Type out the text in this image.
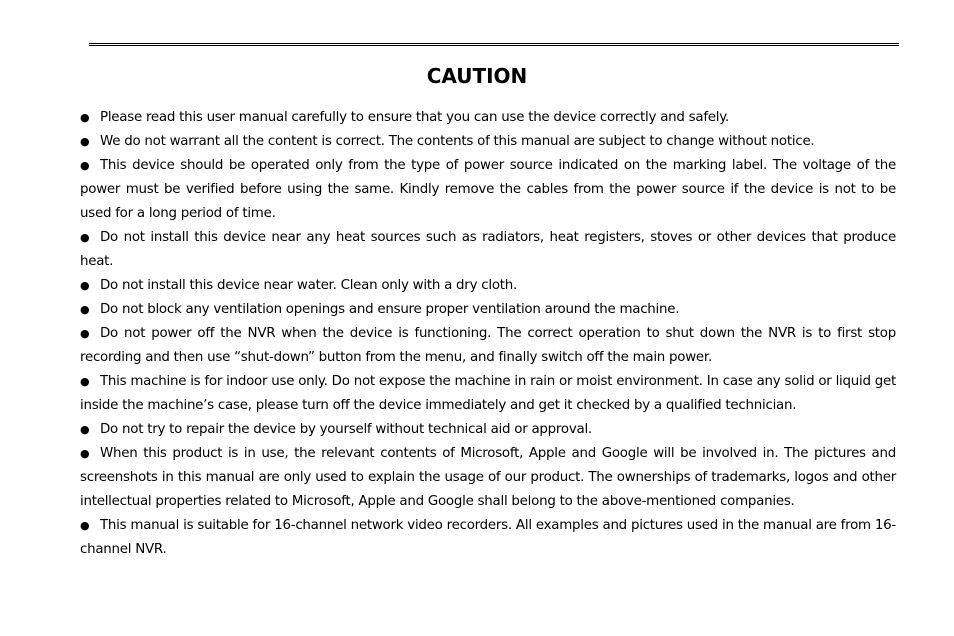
CAUTION

●Please read this user manual carefully to ensure that you can use the device correctly and safely.

●We do not warrant all the content is correct. The contents of this manual are subject to change without notice.

●This device should be operated only from the type of power source indicated on the marking label. The voltage of the power must be verified before using the same. Kindly remove the cables from the power source if the device is not to be used for a long period of time.

●Do not install this device near any heat sources such as radiators, heat registers, stoves or other devices that produce heat.

●Do not install this device near water. Clean only with a dry cloth.

●Do not block any ventilation openings and ensure proper ventilation around the machine.

●Do not power off the NVR when the device is functioning. The correct operation to shut down the NVR is to first stop recording and then use “shut-down” button from the menu, and finally switch off the main power.

●This machine is for indoor use only. Do not expose the machine in rain or moist environment. In case any solid or liquid get inside the machine’s case, please turn off the device immediately and get it checked by a qualified technician.

●Do not try to repair the device by yourself without technical aid or approval.

●When this product is in use, the relevant contents of Microsoft, Apple and Google will be involved in. The pictures and screenshots in this manual are only used to explain the usage of our product. The ownerships of trademarks, logos and other intellectual properties related to Microsoft, Apple and Google shall belong to the above-mentioned companies.

●This manual is suitable for 16-channel network video recorders. All examples and pictures used in the manual are from 16-channel NVR.
